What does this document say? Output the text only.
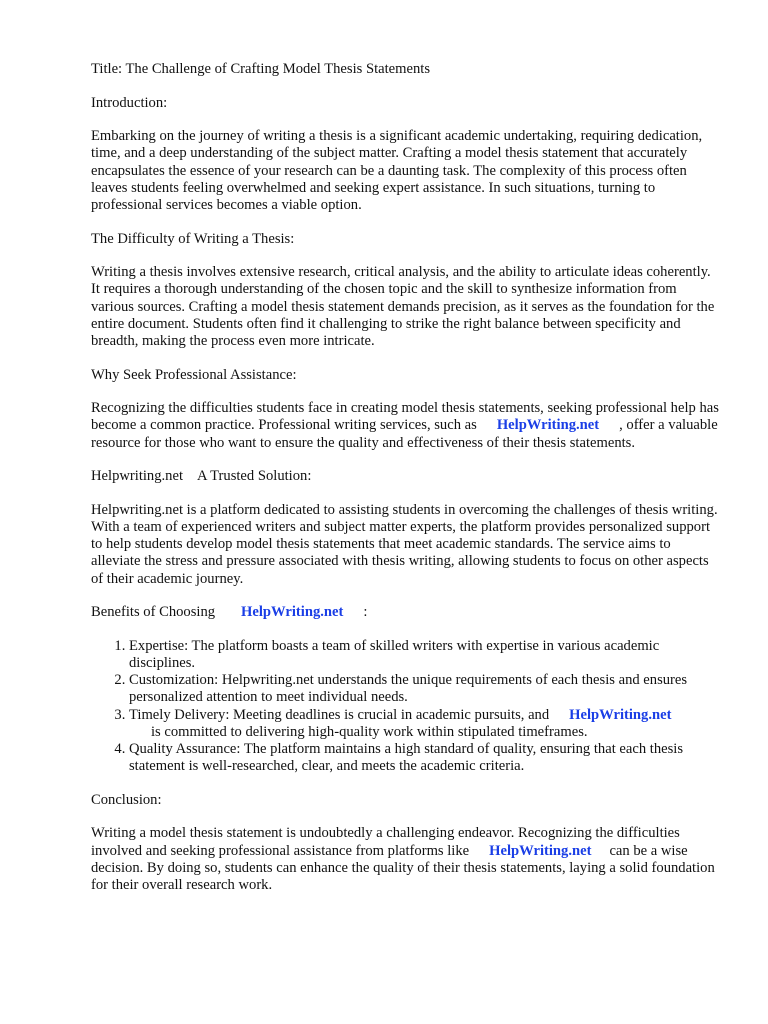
Title: The Challenge of Crafting Model Thesis Statements

Introduction:

Embarking on the journey of writing a thesis is a significant academic undertaking, requiring dedication, time, and a deep understanding of the subject matter. Crafting a model thesis statement that accurately encapsulates the essence of your research can be a daunting task. The complexity of this process often leaves students feeling overwhelmed and seeking expert assistance. In such situations, turning to professional services becomes a viable option.

The Difficulty of Writing a Thesis:

Writing a thesis involves extensive research, critical analysis, and the ability to articulate ideas coherently. It requires a thorough understanding of the chosen topic and the skill to synthesize information from various sources. Crafting a model thesis statement demands precision, as it serves as the foundation for the entire document. Students often find it challenging to strike the right balance between specificity and breadth, making the process even more intricate.

Why Seek Professional Assistance:

Recognizing the difficulties students face in creating model thesis statements, seeking professional help has become a common practice. Professional writing services, such as HelpWriting.net , offer a valuable resource for those who want to ensure the quality and effectiveness of their thesis statements.

Helpwriting.net A Trusted Solution:

Helpwriting.net is a platform dedicated to assisting students in overcoming the challenges of thesis writing. With a team of experienced writers and subject matter experts, the platform provides personalized support to help students develop model thesis statements that meet academic standards. The service aims to alleviate the stress and pressure associated with thesis writing, allowing students to focus on other aspects of their academic journey.

Benefits of Choosing HelpWriting.net :

1. Expertise: The platform boasts a team of skilled writers with expertise in various academic disciplines.
2. Customization: Helpwriting.net understands the unique requirements of each thesis and ensures personalized attention to meet individual needs.
3. Timely Delivery: Meeting deadlines is crucial in academic pursuits, and HelpWriting.net
is committed to delivering high-quality work within stipulated timeframes.
4. Quality Assurance: The platform maintains a high standard of quality, ensuring that each thesis statement is well-researched, clear, and meets the academic criteria.

Conclusion:

Writing a model thesis statement is undoubtedly a challenging endeavor. Recognizing the difficulties involved and seeking professional assistance from platforms like HelpWriting.net can be a wise decision. By doing so, students can enhance the quality of their thesis statements, laying a solid foundation for their overall research work.
